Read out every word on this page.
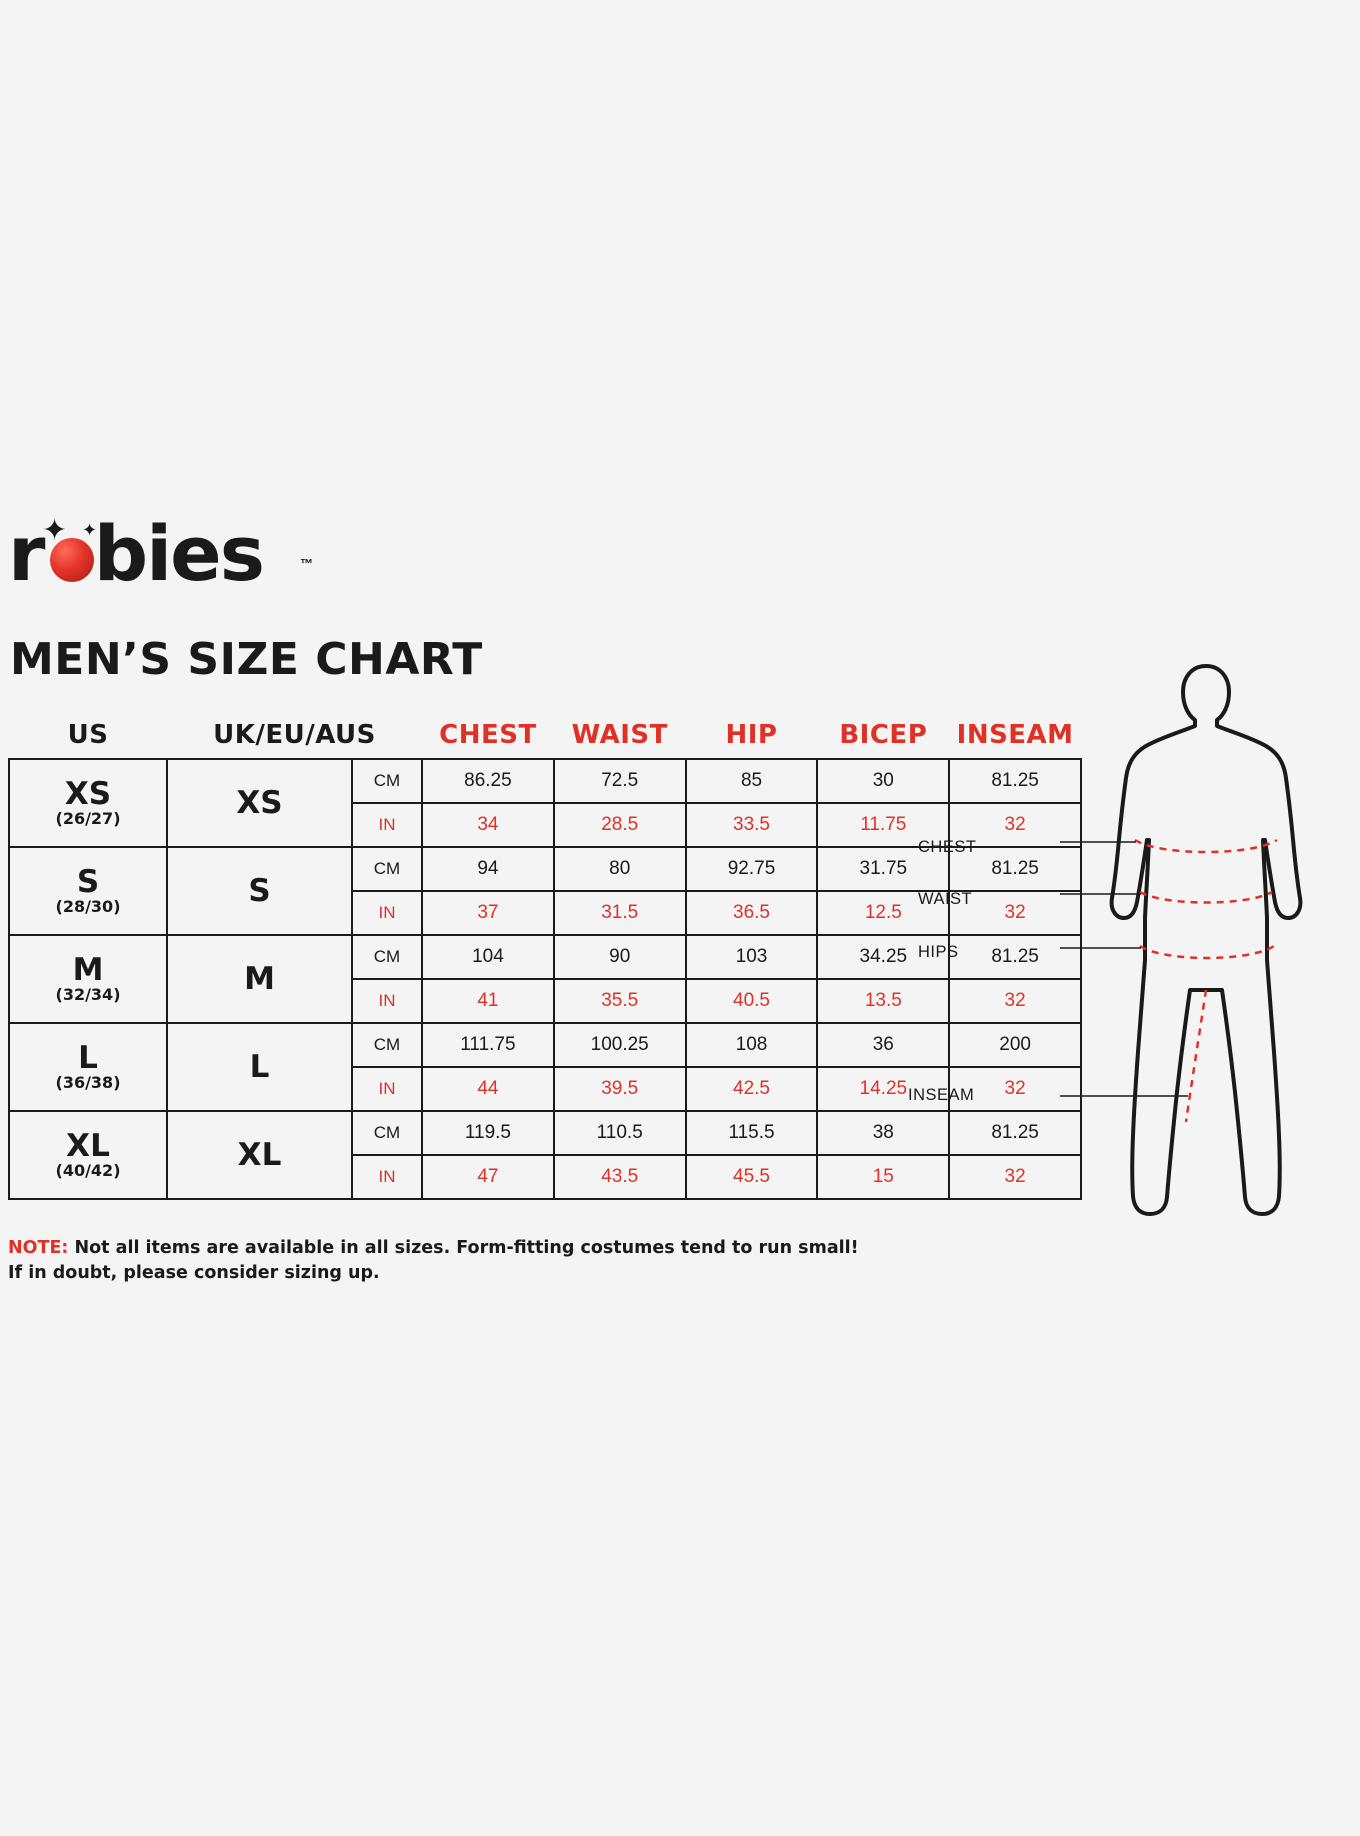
r bies
✦ ✦
™
MEN’S SIZE CHART
US	UK/EU/AUS		CHEST	WAIST	HIP	BICEP	INSEAM

XS
(26/27)	XS	CM	86.25	72.5	85	30	81.25
		IN	34	28.5	33.5	11.75	32

S
(28/30)	S	CM	94	80	92.75	31.75	81.25
		IN	37	31.5	36.5	12.5	32

M
(32/34)	M	CM	104	90	103	34.25	81.25
		IN	41	35.5	40.5	13.5	32

L
(36/38)	L	CM	111.75	100.25	108	36	200
		IN	44	39.5	42.5	14.25	32

XL
(40/42)	XL	CM	119.5	110.5	115.5	38	81.25
		IN	47	43.5	45.5	15	32
NOTE: Not all items are available in all sizes. Form-fitting costumes tend to run small!
If in doubt, please consider sizing up.
CHEST
WAIST
HIPS
INSEAM
